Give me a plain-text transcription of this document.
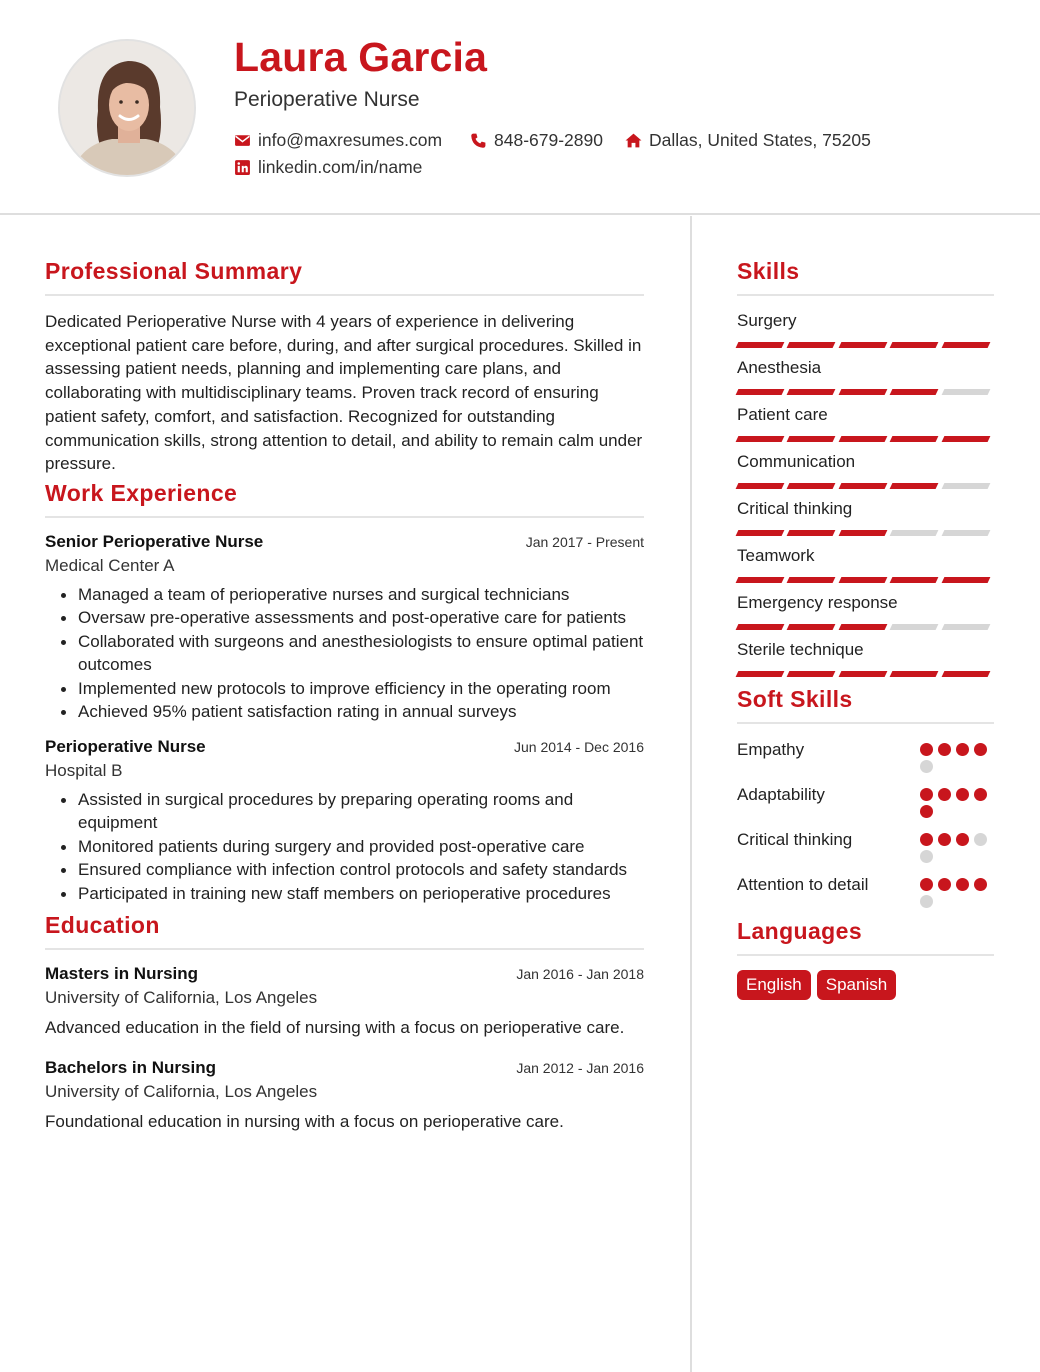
Laura Garcia
Perioperative Nurse
info@maxresumes.com	848-679-2890	Dallas, United States, 75205
linkedin.com/in/name
Professional Summary

Dedicated Perioperative Nurse with 4 years of experience in delivering exceptional patient care before, during, and after surgical procedures. Skilled in assessing patient needs, planning and implementing care plans, and collaborating with multidisciplinary teams. Proven track record of ensuring patient safety, comfort, and satisfaction. Recognized for outstanding communication skills, strong attention to detail, and ability to remain calm under pressure.

Work Experience
Senior Perioperative Nurse	Jan 2017 - Present
Medical Center A
Managed a team of perioperative nurses and surgical technicians
Oversaw pre-operative assessments and post-operative care for patients
Collaborated with surgeons and anesthesiologists to ensure optimal patient outcomes
Implemented new protocols to improve efficiency in the operating room
Achieved 95% patient satisfaction rating in annual surveys
Perioperative Nurse	Jun 2014 - Dec 2016
Hospital B
Assisted in surgical procedures by preparing operating rooms and equipment
Monitored patients during surgery and provided post-operative care
Ensured compliance with infection control protocols and safety standards
Participated in training new staff members on perioperative procedures
Education
Masters in Nursing	Jan 2016 - Jan 2018
University of California, Los Angeles

Advanced education in the field of nursing with a focus on perioperative care.

Bachelors in Nursing	Jan 2012 - Jan 2016
University of California, Los Angeles

Foundational education in nursing with a focus on perioperative care.

Skills
Surgery
Anesthesia
Patient care
Communication
Critical thinking
Teamwork
Emergency response
Sterile technique
Soft Skills
Empathy
Adaptability
Critical thinking
Attention to detail
Languages
English	Spanish
